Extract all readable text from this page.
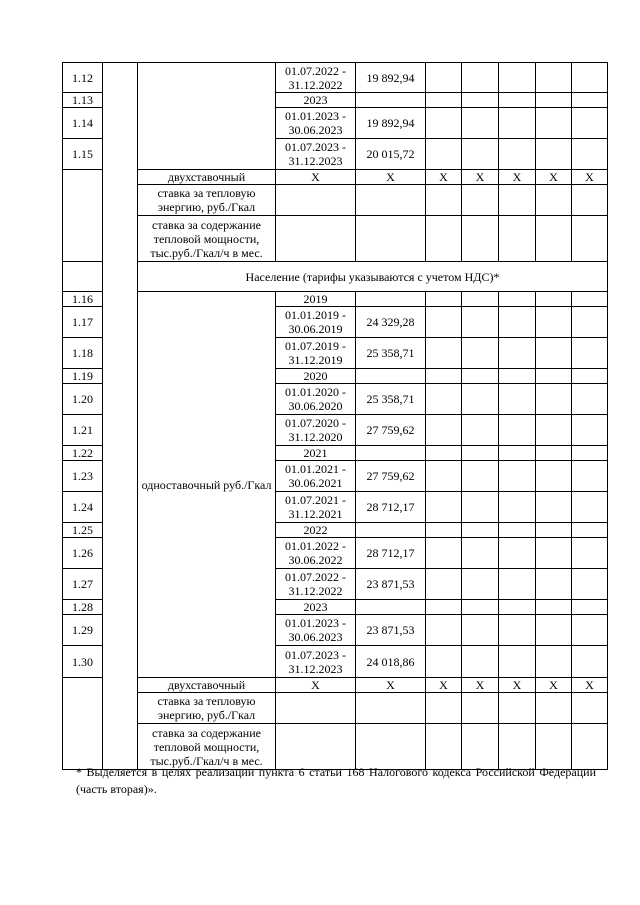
1.12			01.07.2022 - 31.12.2022	19 892,94					
1.13			2023						
1.14			01.01.2023 - 30.06.2023	19 892,94					
1.15			01.07.2023 - 31.12.2023	20 015,72					
		двухставочный	Х	Х	Х	Х	Х	Х	Х
		ставка за тепловую энергию, руб./Гкал							
		ставка за содержание тепловой мощности, тыс.руб./Гкал/ч в мес.							
		Население (тарифы указываются с учетом НДС)*							
1.16		одноставочный руб./Гкал	2019						
1.17			01.01.2019 - 30.06.2019	24 329,28					
1.18			01.07.2019 - 31.12.2019	25 358,71					
1.19			2020						
1.20			01.01.2020 - 30.06.2020	25 358,71					
1.21			01.07.2020 - 31.12.2020	27 759,62					
1.22			2021						
1.23			01.01.2021 - 30.06.2021	27 759,62					
1.24			01.07.2021 - 31.12.2021	28 712,17					
1.25			2022						
1.26			01.01.2022 - 30.06.2022	28 712,17					
1.27			01.07.2022 - 31.12.2022	23 871,53					
1.28			2023						
1.29			01.01.2023 - 30.06.2023	23 871,53					
1.30			01.07.2023 - 31.12.2023	24 018,86					
		двухставочный	Х	Х	Х	Х	Х	Х	Х
		ставка за тепловую энергию, руб./Гкал							
		ставка за содержание тепловой мощности, тыс.руб./Гкал/ч в мес.							
* Выделяется в целях реализации пункта 6 статьи 168 Налогового кодекса Российской Федерации (часть вторая)».
